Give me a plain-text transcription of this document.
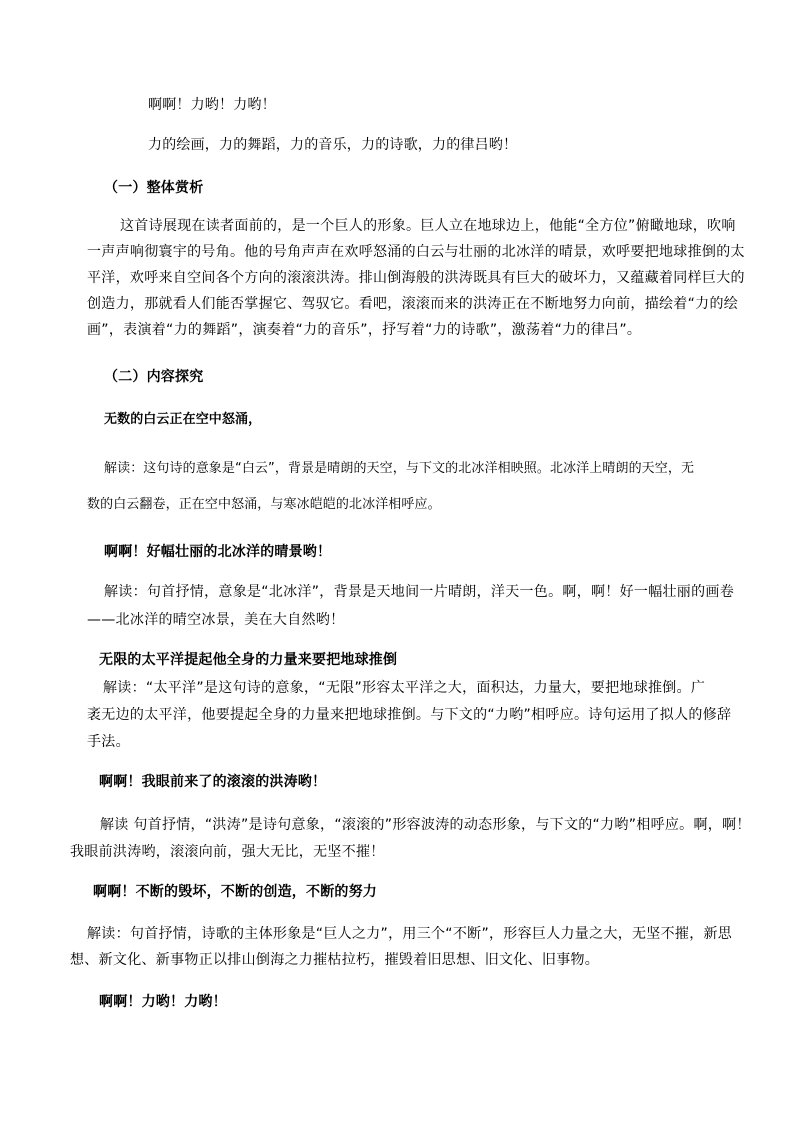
啊啊！力哟！力哟！
力的绘画，力的舞蹈，力的音乐，力的诗歌，力的律吕哟！
（一）整体赏析
这首诗展现在读者面前的，是一个巨人的形象。巨人立在地球边上，他能“全方位”俯瞰地球，吹响
一声声响彻寰宇的号角。他的号角声声在欢呼怒涌的白云与壮丽的北冰洋的晴景，欢呼要把地球推倒的太
平洋，欢呼来自空间各个方向的滚滚洪涛。排山倒海般的洪涛既具有巨大的破坏力，又蕴藏着同样巨大的
创造力，那就看人们能否掌握它、驾驭它。看吧，滚滚而来的洪涛正在不断地努力向前，描绘着“力的绘
画”，表演着“力的舞蹈”，演奏着“力的音乐”，抒写着“力的诗歌”，激荡着“力的律吕”。
（二）内容探究
无数的白云正在空中怒涌，
解读：这句诗的意象是“白云”，背景是晴朗的天空，与下文的北冰洋相映照。北冰洋上晴朗的天空，无
数的白云翻卷，正在空中怒涌，与寒冰皑皑的北冰洋相呼应。
啊啊！好幅壮丽的北冰洋的晴景哟！
解读：句首抒情，意象是“北冰洋”，背景是天地间一片晴朗，洋天一色。啊，啊！好一幅壮丽的画卷
——北冰洋的晴空冰景，美在大自然哟！
无限的太平洋提起他全身的力量来要把地球推倒
解读：“太平洋”是这句诗的意象，“无限”形容太平洋之大，面积达，力量大，要把地球推倒。广
袤无边的太平洋，他要提起全身的力量来把地球推倒。与下文的“力哟”相呼应。诗句运用了拟人的修辞
手法。
啊啊！我眼前来了的滚滚的洪涛哟！
解读 句首抒情，“洪涛”是诗句意象，“滚滚的”形容波涛的动态形象，与下文的“力哟”相呼应。啊，啊！
我眼前洪涛哟，滚滚向前，强大无比，无坚不摧！
啊啊！不断的毁坏，不断的创造，不断的努力
解读：句首抒情，诗歌的主体形象是“巨人之力”，用三个“不断”，形容巨人力量之大，无坚不摧，新思
想、新文化、新事物正以排山倒海之力摧枯拉朽，摧毁着旧思想、旧文化、旧事物。
啊啊！力哟！力哟！
